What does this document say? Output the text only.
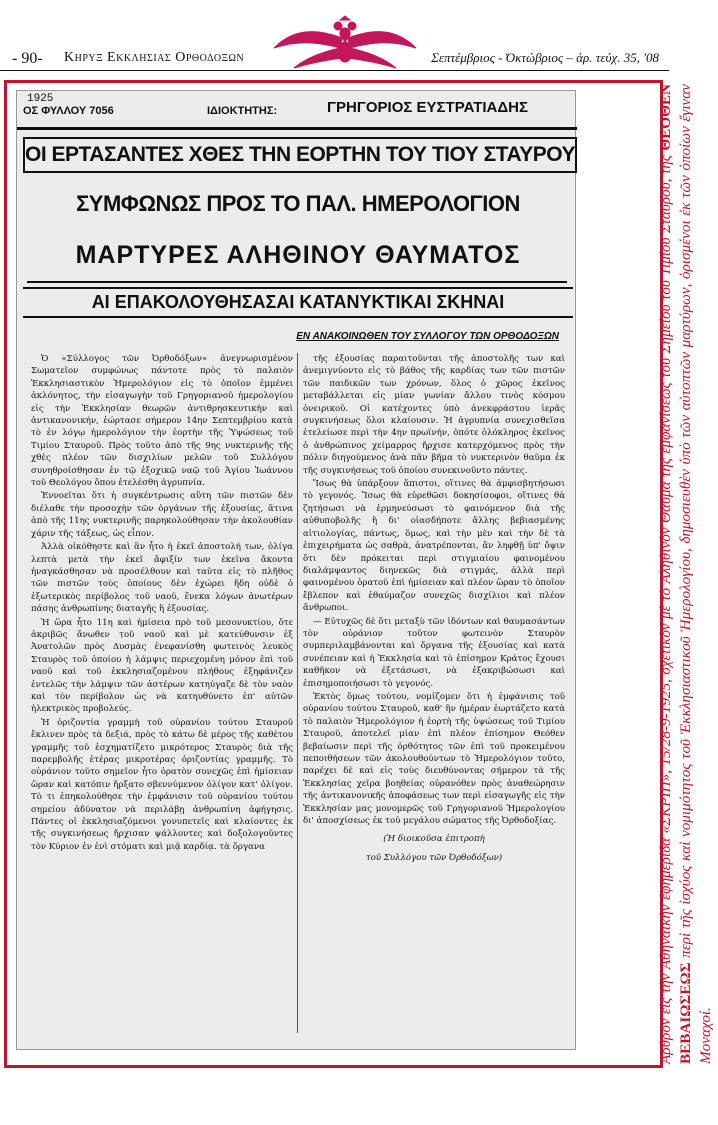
- 90- Κηρυξ Εκκλησιας Ορθοδοξων	Σεπτέμβριος - Όκτώβριος – ἀρ. τεύχ. 35, '08
1925
ΟΣ ΦΥΛΛΟΥ 7056	ΙΔΙΟΚΤΗΤΗΣ:	ΓΡΗΓΟΡΙΟΣ ΕΥΣΤΡΑΤΙΑΔΗΣ
ΟΙ ΕΡΤΑΣΑΝΤΕΣ ΧΘΕΣ ΤΗΝ ΕΟΡΤΗΝ ΤΟΥ ΤΙΟΥ ΣΤΑΥΡΟΥ
ΣΥΜΦΩΝΩΣ ΠΡΟΣ ΤΟ ΠΑΛ. ΗΜΕΡΟΛΟΓΙΟΝ
ΜΑΡΤΥΡΕΣ ΑΛΗΘΙΝΟΥ ΘΑΥΜΑΤΟΣ
ΑΙ ΕΠΑΚΟΛΟΥΘΗΣΑΣΑΙ ΚΑΤΑΝΥΚΤΙΚΑΙ ΣΚΗΝΑΙ
ΕΝ ΑΝΑΚΟΙΝΩΘΕΝ ΤΟΥ ΣΥΛΛΟΓΟΥ ΤΩΝ ΟΡΘΟΔΟΞΩΝ

Ὁ «Σύλλογος τῶν Ὀρθοδόξων» ἀνεγνωρισμένον Σωματεῖον συμφώνως πάντοτε πρὸς τὸ παλαιὸν Ἐκκλησιαστικὸν Ἡμερολόγιον εἰς τὸ ὁποῖον ἐμμένει ἀκλόνητος, τὴν εἰσαγωγὴν τοῦ Γρηγοριανοῦ ἡμερολογίου εἰς τὴν Ἐκκλησίαν θεωρῶν ἀντιθρησκευτικὴν καὶ ἀντικανονικήν, ἑώρτασε σήμερον 14ην Σεπτεμβρίου κατὰ τὸ ἐν λόγῳ ἡμερολόγιον τὴν ἑορτὴν τῆς Ὑψώσεως τοῦ Τιμίου Σταυροῦ. Πρὸς τοῦτο ἀπὸ τῆς 9ης νυκτερινῆς τῆς χθὲς πλέον τῶν δισχιλίων μελῶν τοῦ Συλλόγου συνηθροίσθησαν ἐν τῷ ἐξοχικῷ ναῷ τοῦ Ἁγίου Ἰωάννου τοῦ Θεολόγου ὅπου ἐτελέσθη ἀγρυπνία.

Ἐννοεῖται ὅτι ἡ συγκέντρωσις αὕτη τῶν πιστῶν δὲν διέλαθε τὴν προσοχὴν τῶν ὀργάνων τῆς ἐξουσίας, ἅτινα ἀπὸ τῆς 11ης νυκτερινῆς παρηκολούθησαν τὴν ἀκολουθίαν χάριν τῆς τάξεως, ὡς εἶπον.

Ἀλλὰ οἰκόθηστε καὶ ἂν ἦτο ἡ ἐκεῖ ἀποστολή των, ὀλίγα λεπτὰ μετὰ τὴν ἐκεῖ ἄφιξίν των ἐκεῖνα ἄκοντα ἠναγκάσθησαν νὰ προσέλθουν καὶ ταῦτα εἰς τὸ πλῆθος τῶν πιστῶν τοὺς ὁποίους δὲν ἐχώρει ἤδη οὐδὲ ὁ ἐξωτερικὸς περίβολος τοῦ ναοῦ, ἕνεκα λόγων ἀνωτέρων πάσης ἀνθρωπίνης διαταγῆς ἢ ἐξουσίας.

Ἡ ὥρα ἦτο 11η καὶ ἡμίσεια πρὸ τοῦ μεσονυκτίου, ὅτε ἀκριβῶς ἄνωθεν τοῦ ναοῦ καὶ μὲ κατεύθυνσιν ἐξ Ἀνατολῶν πρὸς Δυσμὰς ἐνεφανίσθη φωτεινὸς λευκὸς Σταυρὸς τοῦ ὁποίου ἡ λάμψις περιεχομένη μόνον ἐπὶ τοῦ ναοῦ καὶ τοῦ ἐκκλησιαζομένου πλήθους ἐξηφάνιζεν ἐντελῶς τὴν λάμψιν τῶν ἀστέρων κατηύγαζε δὲ τὸν ναὸν καὶ τὸν περίβολον ὡς νὰ κατηυθύνετο ἐπ' αὐτῶν ἠλεκτρικὸς προβολεύς.

Ἡ ὁριζοντία γραμμὴ τοῦ οὐρανίου τούτου Σταυροῦ ἔκλινεν πρὸς τὰ δεξιά, πρὸς τὸ κάτω δὲ μέρος τῆς καθέτου γραμμῆς τοῦ ἐσχηματίζετο μικρότερος Σταυρὸς διὰ τῆς παρεμβολῆς ἑτέρας μικροτέρας ὁριζοντίας γραμμῆς. Τὸ οὐράνιον τοῦτο σημεῖον ἦτο ὁρατὸν συνεχῶς ἐπὶ ἡμίσειαν ὥραν καὶ κατόπιν ἤρξατο σβεννύμενον ὀλίγον κατ' ὀλίγον. Τὸ τι ἐπηκολούθησε τὴν ἐμφάνισιν τοῦ οὐρανίου τούτου σημείου ἀδύνατον νὰ περιλάβῃ ἀνθρωπίνη ἀφήγησις. Πάντες οἱ ἐκκλησιαζόμενοι γονυπετεῖς καὶ κλαίοντες ἐκ τῆς συγκινήσεως ἤρχισαν ψάλλοντες καὶ δοξολογοῦντες τὸν Κύριον ἐν ἑνὶ στόματι καὶ μιᾷ καρδίᾳ. τὰ ὄργανα

τῆς ἐξουσίας παραιτοῦνται τῆς ἀποστολῆς των καὶ ἀνεμιγνύοντο εἰς τὸ βάθος τῆς καρδίας των τῶν πιστῶν τῶν παιδικῶν των χρόνων, ὅλος ὁ χῶρος ἐκεῖνος μεταβάλλεται εἰς μίαν γωνίαν ἄλλου τινὸς κόσμου ὀνειρικοῦ. Οἱ κατέχοντες ὑπὸ ἀνεκφράστου ἱερᾶς συγκινήσεως ὅλοι κλαίουσιν. Ἡ ἀγρυπνία συνεχισθεῖσα ἐτελείωσε περὶ τὴν 4ην πρωϊνήν, ὁπότε ὁλόκληρος ἐκεῖνος ὁ ἀνθρώπινος χείμαρρος ἤρχισε κατερχόμενος πρὸς τὴν πόλιν διηγούμενος ἀνὰ πᾶν βῆμα τὸ νυκτερινὸν θαῦμα ἐκ τῆς συγκινήσεως τοῦ ὁποίου συνεκινοῦντο πάντες.

Ἴσως θὰ ὑπάρξουν ἄπιστοι, οἵτινες θὰ ἀμφισβητήσωσι τὸ γεγονός. Ἴσως θὰ εὑρεθῶσι δοκησίσοφοι, οἵτινες θὰ ζητήσωσι νὰ ἑρμηνεύσωσι τὸ φαινόμενον διὰ τῆς αὐθυποβολῆς ἢ δι' οἱασδήποτε ἄλλης βεβιασμένης αἰτιολογίας, πάντως, ὅμως, καὶ τὴν μὲν καὶ τὴν δὲ τὰ ἐπιχειρήματα ὡς σαθρὰ, ἀνατρέπονται, ἂν ληφθῇ ὑπ' ὄψιν ὅτι δὲν πρόκειται περὶ στιγμιαίου φαινομένου διαλάμψαντος διηνεκῶς διὰ στιγμάς, ἀλλὰ περὶ φαινομένου ὁρατοῦ ἐπὶ ἡμίσειαν καὶ πλέον ὥραν τὸ ὁποῖον ἔβλεπον καὶ ἐθαύμαζον συνεχῶς δισχίλιοι καὶ πλέον ἄνθρωποι.

— Εὐτυχῶς δὲ ὅτι μεταξὺ τῶν ἰδόντων καὶ θαυμασάντων τὸν οὐράνιον τοῦτον φωτεινὸν Σταυρὸν συμπεριλαμβάνονται καὶ ὄργανα τῆς ἐξουσίας καὶ κατὰ συνέπειαν καὶ ἡ Ἐκκλησία καὶ τὸ ἐπίσημον Κράτος ἔχουσι καθῆκον νὰ ἐξετάσωσι, νὰ ἐξακριβώσωσι καὶ ἐπισημοποιήσωσι τὸ γεγονός.

Ἐκτὸς ὅμως τούτου, νομίζομεν ὅτι ἡ ἐμφάνισις τοῦ οὐρανίου τούτου Σταυροῦ, καθ' ἣν ἡμέραν ἑωρτάζετο κατὰ τὸ παλαιὸν Ἡμερολόγιον ἡ ἑορτὴ τῆς ὑψώσεως τοῦ Τιμίου Σταυροῦ, ἀποτελεῖ μίαν ἐπὶ πλέον ἐπίσημον Θεόθεν βεβαίωσιν περὶ τῆς ὀρθότητος τῶν ἐπὶ τοῦ προκειμένου πεποιθήσεων τῶν ἀκολουθούντων τὸ Ἡμερολόγιον τοῦτο, παρέχει δὲ καὶ εἰς τοὺς διευθύνοντας σήμερον τὰ τῆς Ἐκκλησίας χεῖρα βοηθείας οὐρανόθεν πρὸς ἀναθεώρησιν τῆς ἀντικανονικῆς ἀποφάσεως των περὶ εἰσαγωγῆς εἰς τὴν Ἐκκλησίαν μας μονομερῶς τοῦ Γρηγοριανοῦ Ἡμερολογίου δι' ἀποσχίσεως ἐκ τοῦ μεγάλου σώματος τῆς Ὀρθοδοξίας.

(Ἡ διοικοῦσα ἐπιτροπὴ

τοῦ Συλλόγου τῶν Ὀρθοδόξων)	Ἄρθρον εἰς τὴν Ἀθηναϊκὴν ἐφημερίδα «ΣΚΡΙΠ», 15/28-9-1925, σχετικὸν μὲ τὸ Ἀληθινὸν Θαῦμα τῆς ἐμφανίσεως τοῦ Σημείου τοῦ Τιμίου Σταυροῦ, τῆς ΘΕΟΘΕΝ ΒΕΒΑΙΩΣΕΩΣ περὶ τῆς ἰσχύος καὶ νομιμότητος τοῦ Ἐκκλησιαστικοῦ Ἡμερολογίου, δημοσιευθὲν ὑπὸ τῶν αὐτοπτῶν μαρτύρων, ὁρισμένοι ἐκ τῶν ὁποίων ἔγιναν Μοναχοί.
